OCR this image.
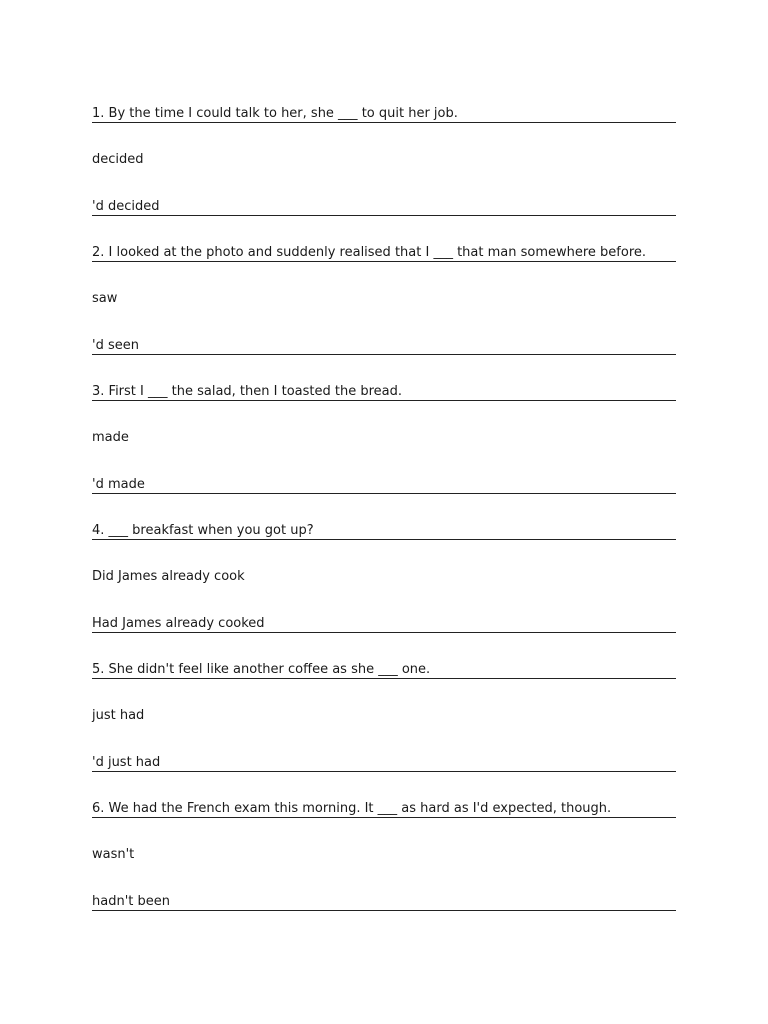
1. By the time I could talk to her, she ___ to quit her job.
decided
'd decided
2. I looked at the photo and suddenly realised that I ___ that man somewhere before.
saw
'd seen
3. First I ___ the salad, then I toasted the bread.
made
'd made
4. ___ breakfast when you got up?
Did James already cook
Had James already cooked
5. She didn't feel like another coffee as she ___ one.
just had
'd just had
6. We had the French exam this morning. It ___ as hard as I'd expected, though.
wasn't
hadn't been
